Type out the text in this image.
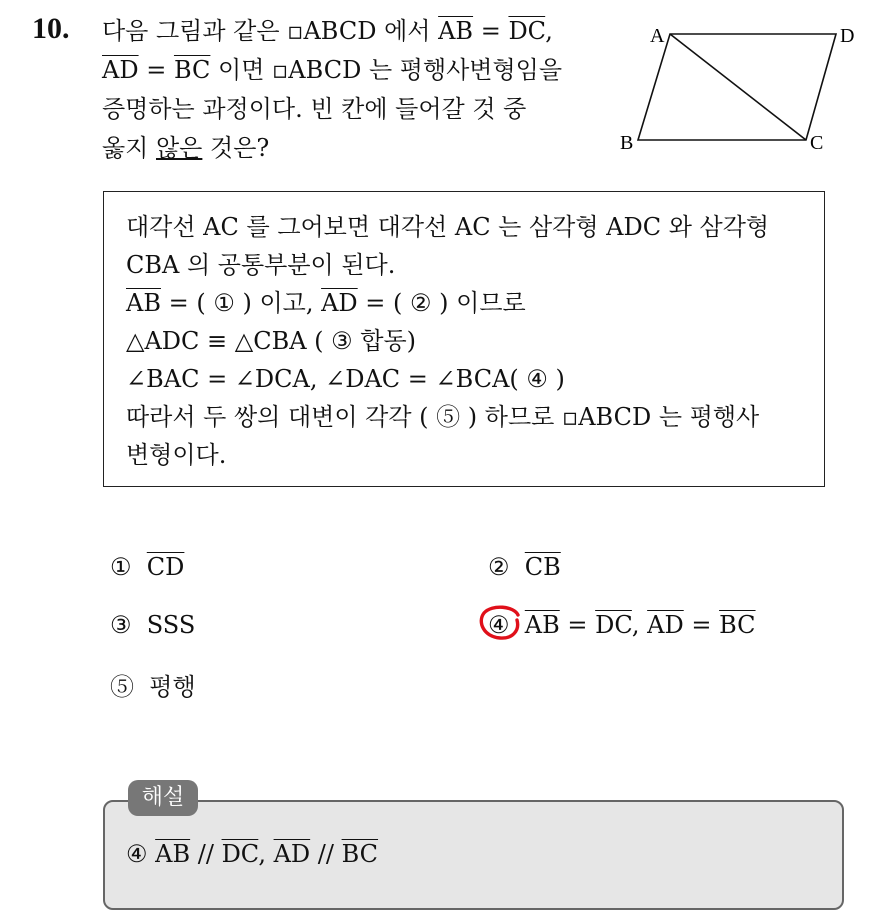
10. 다음 그림과 같은 ▫ABCD 에서 $\overline{AB} = \overline{DC}$,
$\overline{AD} = \overline{BC}$ 이면 ▫ABCD 는 평행사변형임을
증명하는 과정이다. 빈 칸에 들어갈 것 중
옳지 않은 것은?
A	D
B	C
대각선 AC 를 그어보면 대각선 AC 는 삼각형 ADC 와 삼각형
CBA 의 공통부분이 된다.
$\overline{AB}$ = ( ① ) 이고, $\overline{AD}$ = ( ② ) 이므로
△ADC ≡ △CBA ( ③ 합동)
∠BAC = ∠DCA, ∠DAC = ∠BCA( ④ )
따라서 두 쌍의 대변이 각각 ( ⑤ ) 하므로 ▫ABCD 는 평행사
변형이다.
① $\overline{CD}$	② $\overline{CB}$
③ SSS	④ $\overline{AB} = \overline{DC}$, $\overline{AD} = \overline{BC}$
⑤ 평행
해설
④ $\overline{AB} // \overline{DC}$, $\overline{AD} // \overline{BC}$
